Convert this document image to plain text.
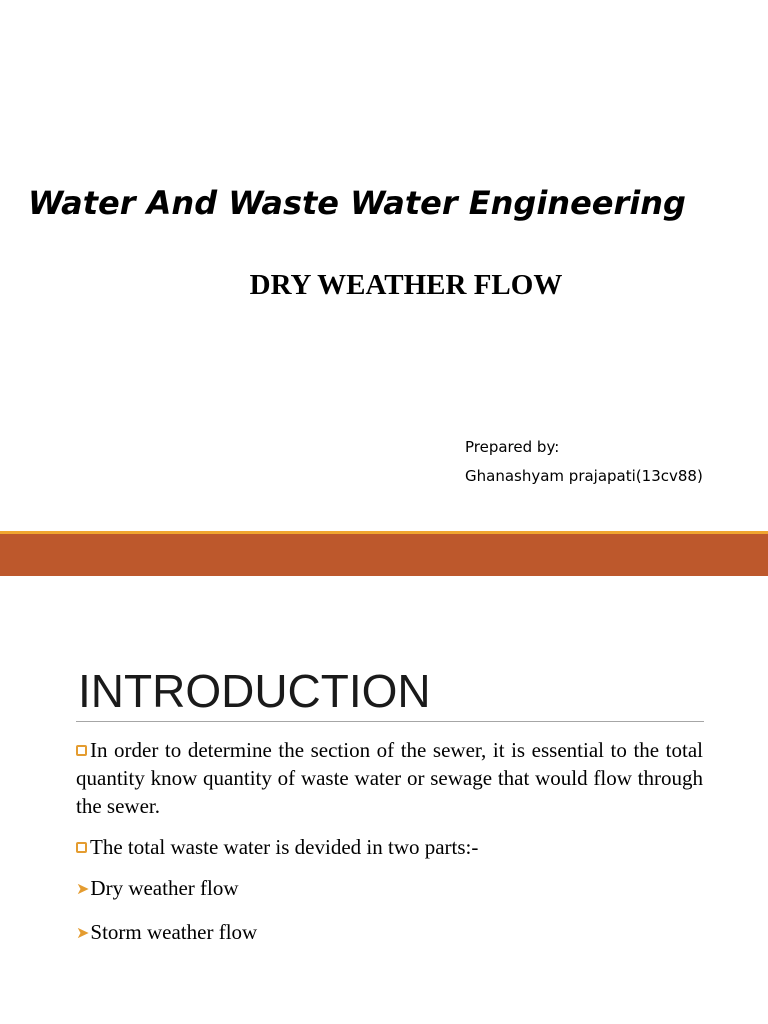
Water And Waste Water Engineering
DRY WEATHER FLOW
Prepared by:
Ghanashyam prajapati(13cv88)
INTRODUCTION

In order to determine the section of the sewer, it is essential to the total quantity know quantity of waste water or sewage that would flow through the sewer.

The total waste water is devided in two parts:-

➤Dry weather flow
➤Storm weather flow
